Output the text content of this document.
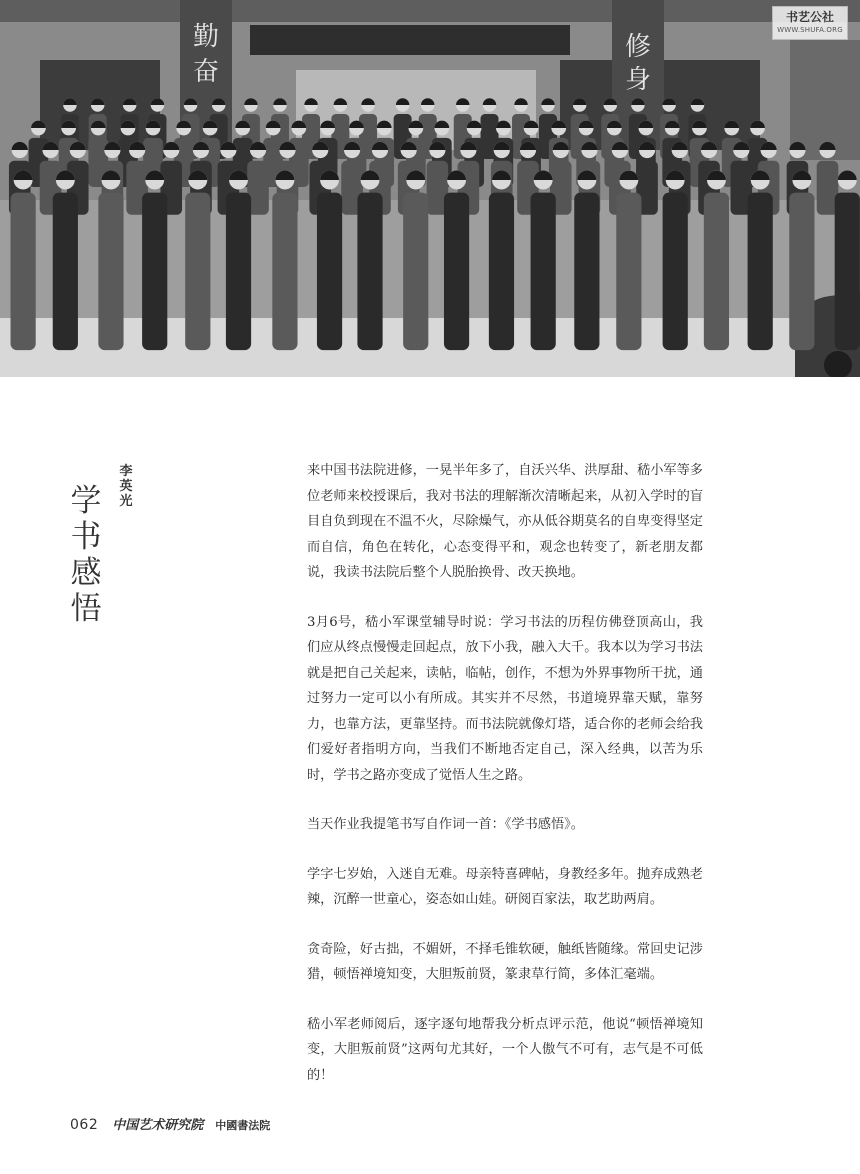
勤
奋
修
身
书艺公社
WWW.SHUFA.ORG
学书感悟
李英光

来中国书法院进修，一晃半年多了，自沃兴华、洪厚甜、嵇小军等多位老师来校授课后，我对书法的理解渐次清晰起来，从初入学时的盲目自负到现在不温不火，尽除燥气，亦从低谷期莫名的自卑变得坚定而自信，角色在转化，心态变得平和，观念也转变了，新老朋友都说，我读书法院后整个人脱胎换骨、改天换地。

3月6号，嵇小军课堂辅导时说：学习书法的历程仿佛登顶高山，我们应从终点慢慢走回起点，放下小我，融入大千。我本以为学习书法就是把自己关起来，读帖，临帖，创作，不想为外界事物所干扰，通过努力一定可以小有所成。其实并不尽然，书道境界靠天赋，靠努力，也靠方法，更靠坚持。而书法院就像灯塔，适合你的老师会给我们爱好者指明方向，当我们不断地否定自己，深入经典，以苦为乐时，学书之路亦变成了觉悟人生之路。

当天作业我提笔书写自作词一首：《学书感悟》。

学字七岁始，入迷自无难。母亲特喜碑帖，身教经多年。抛弃成熟老辣，沉醉一世童心，姿态如山娃。研阅百家法，取艺助两肩。

贪奇险，好古拙，不媚妍，不择毛锥软硬，触纸皆随缘。常回史记涉猎，顿悟禅境知变，大胆叛前贤，篆隶草行简，多体汇毫端。

嵇小军老师阅后，逐字逐句地帮我分析点评示范，他说“顿悟禅境知变，大胆叛前贤”这两句尤其好，一个人傲气不可有，志气是不可低的！

062 中国艺术研究院 中國書法院
